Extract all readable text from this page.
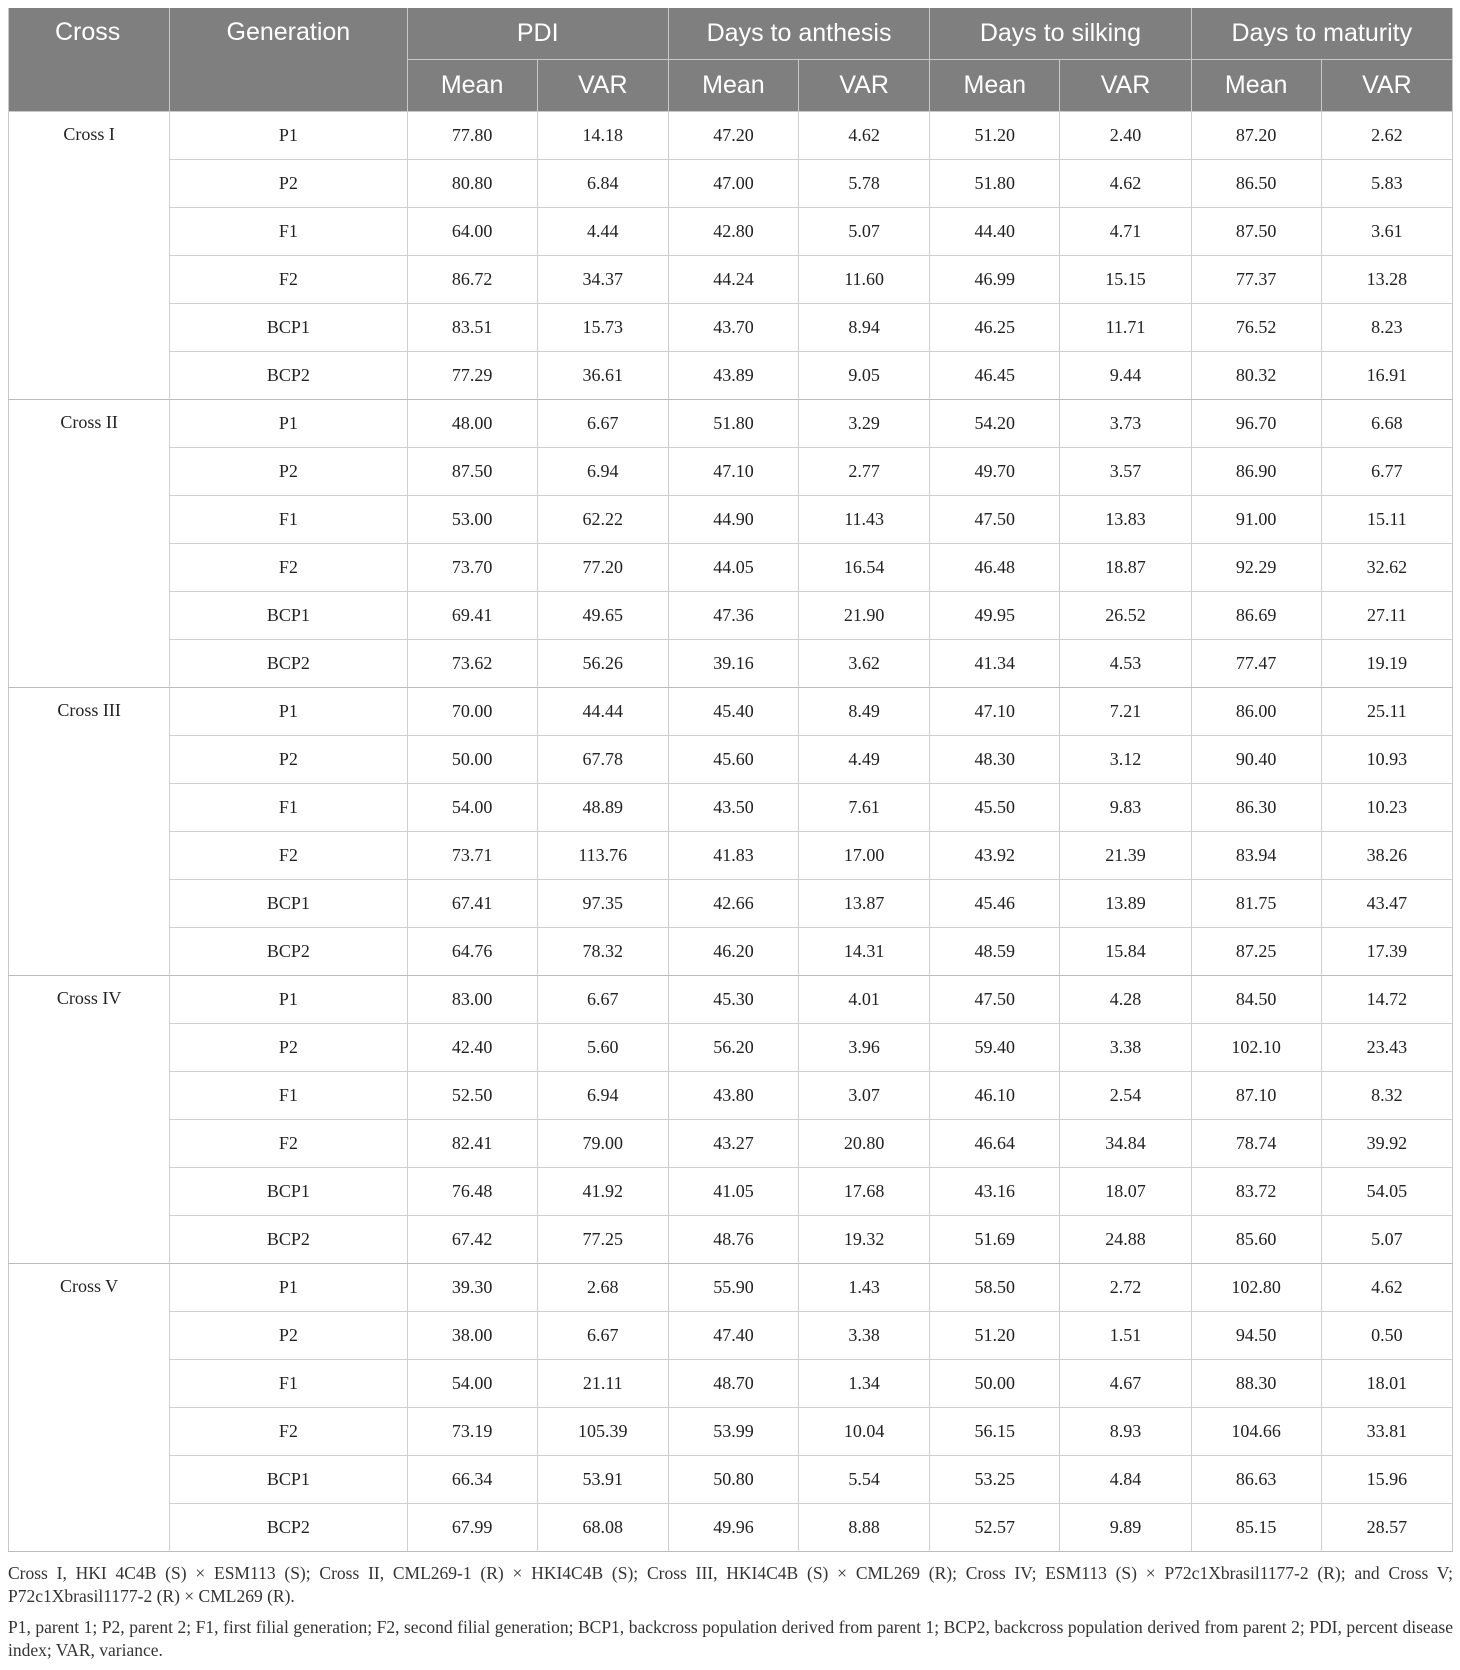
Cross	Generation	PDI		Days to anthesis		Days to silking		Days to maturity	
		Mean	VAR	Mean	VAR	Mean	VAR	Mean	VAR
Cross I	P1	77.80	14.18	47.20	4.62	51.20	2.40	87.20	2.62
	P2	80.80	6.84	47.00	5.78	51.80	4.62	86.50	5.83
	F1	64.00	4.44	42.80	5.07	44.40	4.71	87.50	3.61
	F2	86.72	34.37	44.24	11.60	46.99	15.15	77.37	13.28
	BCP1	83.51	15.73	43.70	8.94	46.25	11.71	76.52	8.23
	BCP2	77.29	36.61	43.89	9.05	46.45	9.44	80.32	16.91
Cross II	P1	48.00	6.67	51.80	3.29	54.20	3.73	96.70	6.68
	P2	87.50	6.94	47.10	2.77	49.70	3.57	86.90	6.77
	F1	53.00	62.22	44.90	11.43	47.50	13.83	91.00	15.11
	F2	73.70	77.20	44.05	16.54	46.48	18.87	92.29	32.62
	BCP1	69.41	49.65	47.36	21.90	49.95	26.52	86.69	27.11
	BCP2	73.62	56.26	39.16	3.62	41.34	4.53	77.47	19.19
Cross III	P1	70.00	44.44	45.40	8.49	47.10	7.21	86.00	25.11
	P2	50.00	67.78	45.60	4.49	48.30	3.12	90.40	10.93
	F1	54.00	48.89	43.50	7.61	45.50	9.83	86.30	10.23
	F2	73.71	113.76	41.83	17.00	43.92	21.39	83.94	38.26
	BCP1	67.41	97.35	42.66	13.87	45.46	13.89	81.75	43.47
	BCP2	64.76	78.32	46.20	14.31	48.59	15.84	87.25	17.39
Cross IV	P1	83.00	6.67	45.30	4.01	47.50	4.28	84.50	14.72
	P2	42.40	5.60	56.20	3.96	59.40	3.38	102.10	23.43
	F1	52.50	6.94	43.80	3.07	46.10	2.54	87.10	8.32
	F2	82.41	79.00	43.27	20.80	46.64	34.84	78.74	39.92
	BCP1	76.48	41.92	41.05	17.68	43.16	18.07	83.72	54.05
	BCP2	67.42	77.25	48.76	19.32	51.69	24.88	85.60	5.07
Cross V	P1	39.30	2.68	55.90	1.43	58.50	2.72	102.80	4.62
	P2	38.00	6.67	47.40	3.38	51.20	1.51	94.50	0.50
	F1	54.00	21.11	48.70	1.34	50.00	4.67	88.30	18.01
	F2	73.19	105.39	53.99	10.04	56.15	8.93	104.66	33.81
	BCP1	66.34	53.91	50.80	5.54	53.25	4.84	86.63	15.96
	BCP2	67.99	68.08	49.96	8.88	52.57	9.89	85.15	28.57

Cross I, HKI 4C4B (S) × ESM113 (S); Cross II, CML269-1 (R) × HKI4C4B (S); Cross III, HKI4C4B (S) × CML269 (R); Cross IV; ESM113 (S) × P72c1Xbrasil1177-2 (R); and Cross V; P72c1Xbrasil1177-2 (R) × CML269 (R).

P1, parent 1; P2, parent 2; F1, first filial generation; F2, second filial generation; BCP1, backcross population derived from parent 1; BCP2, backcross population derived from parent 2; PDI, percent disease index; VAR, variance.
